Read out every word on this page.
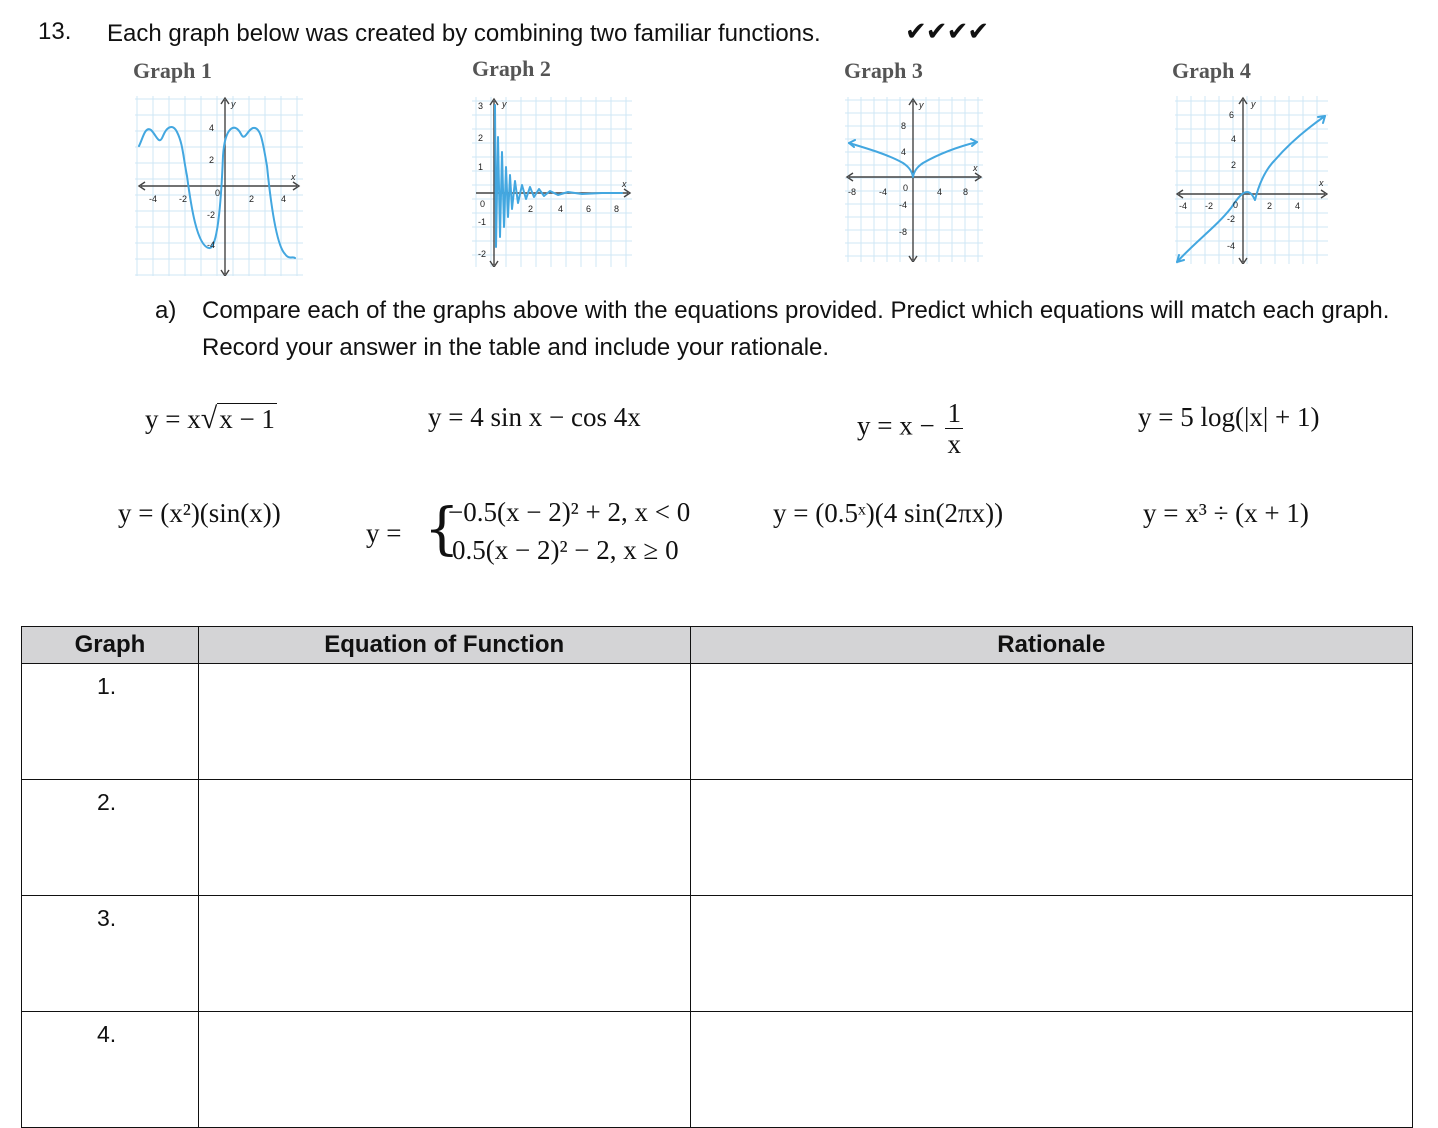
13. Each graph below was created by combining two familiar functions.	✔✔✔✔
Graph 1	Graph 2	Graph 3	Graph 4
4
2
-4 -2
0
2	4
-2
-4
y
x
3
2
1
0	2	4	6	8
-1
-2
y
x
8
4
-8	-4 0	4 8
-4
-8
y
x
6
4
2
-4 -2 0	2	4
-2
-4
y
x
a) Compare each of the graphs above with the equations provided. Predict which equations will match each graph. Record your answer in the table and include your rationale.
y = x√x − 1	y = 4 sin x − cos 4x	$y = x - \frac{1}{x}$	y = 5 log(|x| + 1)
y = (x²)(sin(x))
y = {
−0.5(x − 2)² + 2, x < 0
0.5(x − 2)² − 2, x ≥ 0
y = (0.5ˣ)(4 sin(2πx))	y = x³ ÷ (x + 1)
Graph	Equation of Function	Rationale
1.		
2.		
3.		
4.		
